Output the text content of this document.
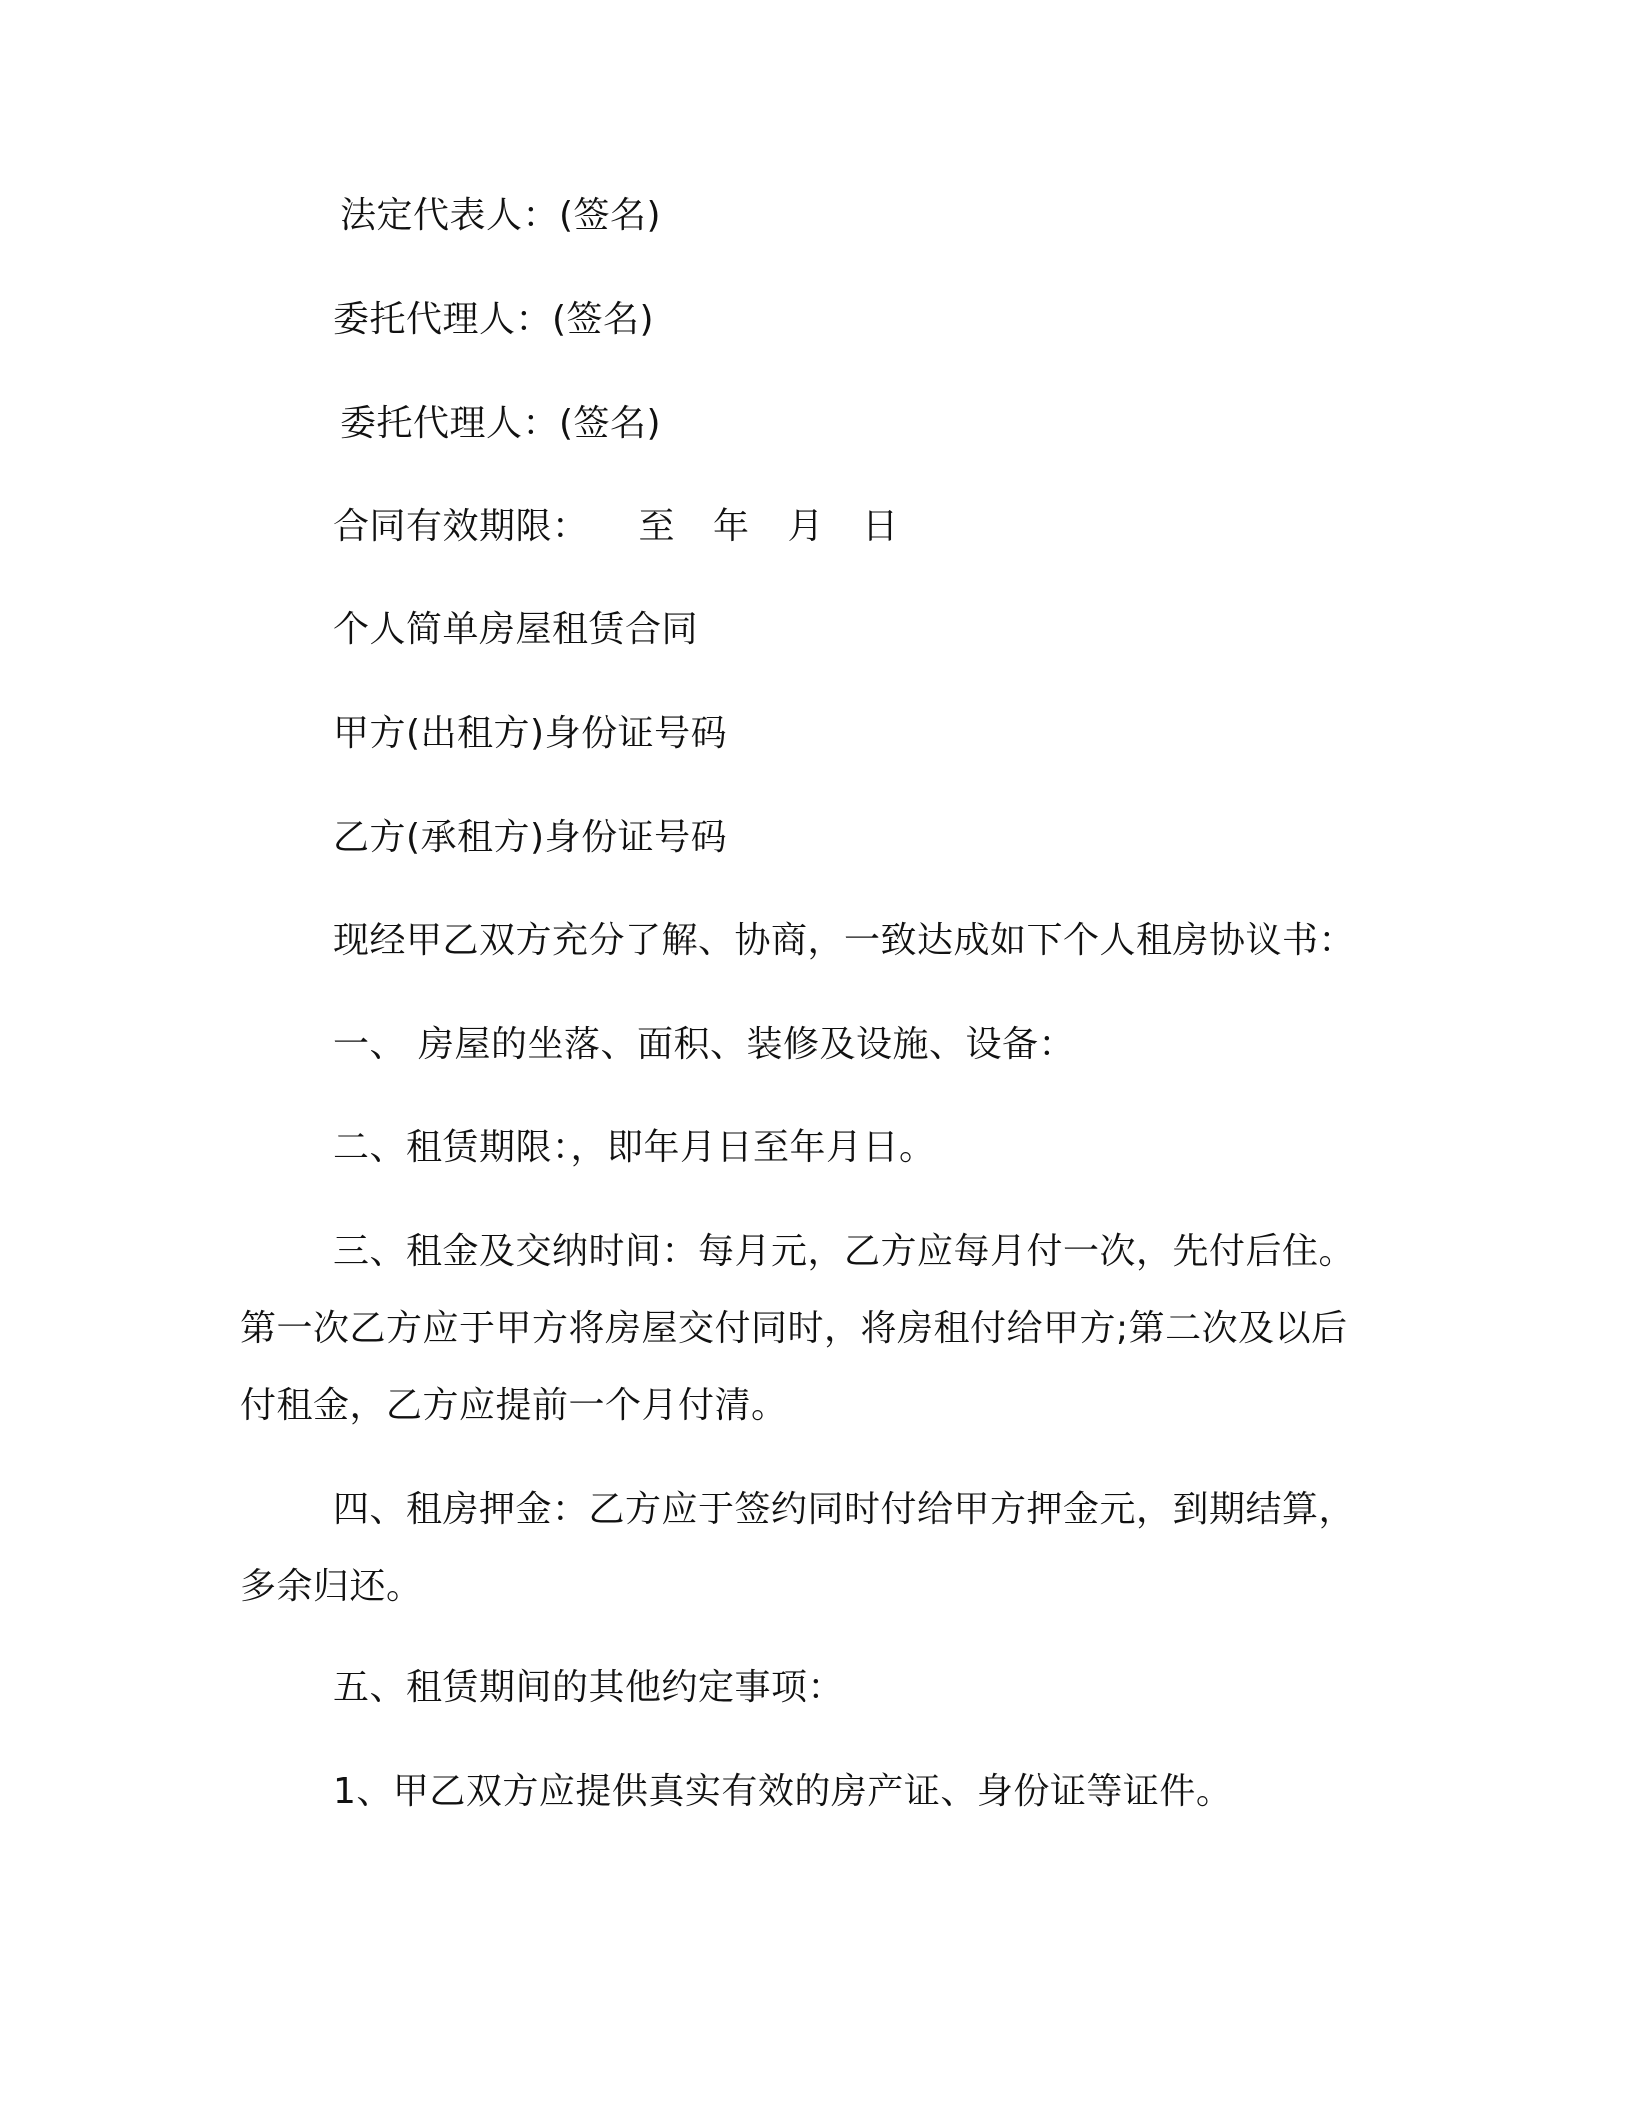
法定代表人：(签名)
委托代理人：(签名)
委托代理人：(签名)
合同有效期限： 至 年 月 日
个人简单房屋租赁合同
甲方(出租方)身份证号码
乙方(承租方)身份证号码
现经甲乙双方充分了解、协商，一致达成如下个人租房协议书：
一、 房屋的坐落、面积、装修及设施、设备：
二、租赁期限：，即年月日至年月日。
三、租金及交纳时间：每月元，乙方应每月付一次，先付后住。第一次乙方应于甲方将房屋交付同时，将房租付给甲方;第二次及以后付租金，乙方应提前一个月付清。
四、租房押金：乙方应于签约同时付给甲方押金元，到期结算，多余归还。
五、租赁期间的其他约定事项：
1、甲乙双方应提供真实有效的房产证、身份证等证件。
